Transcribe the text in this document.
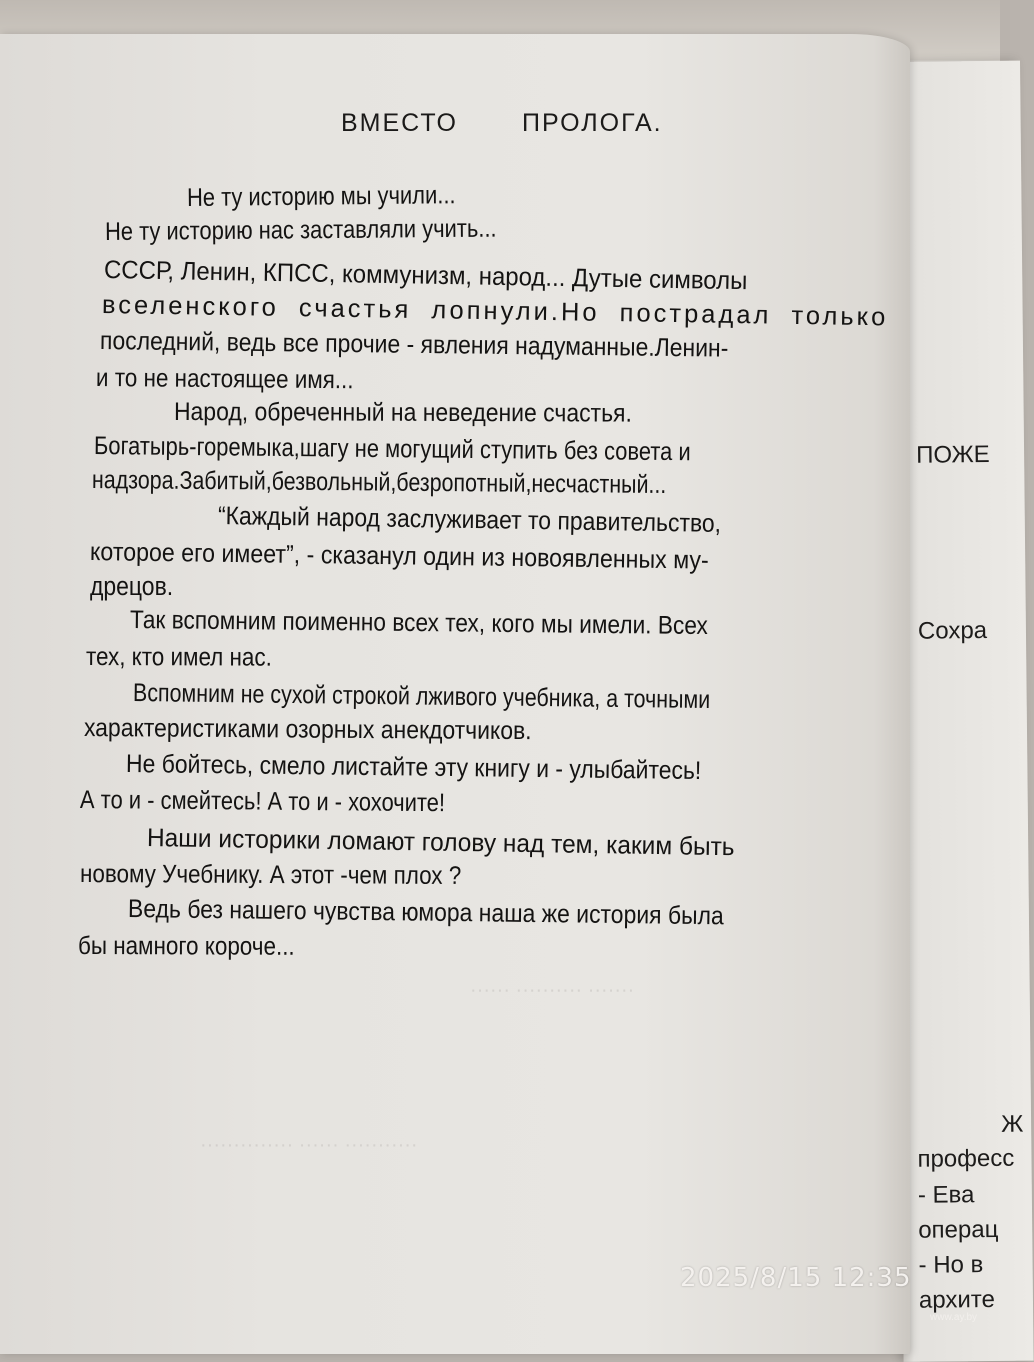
ПОЖЕ
Сохра
Ж
професс
- Ева
операц
- Но в
архите
······· ·········· ······
·············· ······ ···········
ВМЕСТО	ПРОЛОГА.
Не ту историю мы учили...
Не ту историю нас заставляли учить...
СССР, Ленин, КПСС, коммунизм, народ... Дутые символы
вселенского счастья лопнули.Но пострадал только
последний, ведь все прочие - явления надуманные.Ленин-
и то не настоящее имя...
Народ, обреченный на неведение счастья.
Богатырь-горемыка,шагу не могущий ступить без совета и
надзора.Забитый,безвольный,безропотный,несчастный...
“Каждый народ заслуживает то правительство,
которое его имеет”, - сказанул один из новоявленных му-
дрецов.
Так вспомним поименно всех тех, кого мы имели. Всех
тех, кто имел нас.
Вспомним не сухой строкой лживого учебника, а точными
характеристиками озорных анекдотчиков.
Не бойтесь, смело листайте эту книгу и - улыбайтесь!
А то и - смейтесь! А то и - хохочите!
Наши историки ломают голову над тем, каким быть
новому Учебнику. А этот -чем плох ?
Ведь без нашего чувства юмора наша же история была
бы намного короче...
2025/8/15 12:35
www.ay.by
